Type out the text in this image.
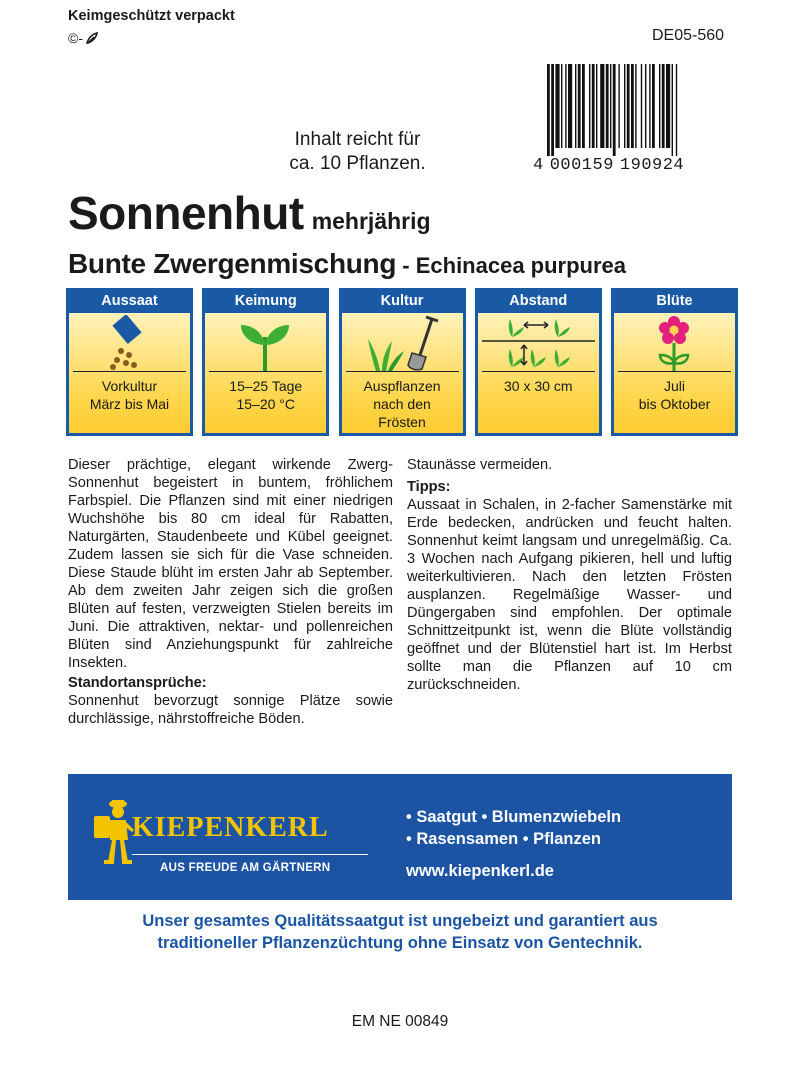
Keimgeschützt verpackt
©-	DE05-560
4 000159 190924
Inhalt reicht für
ca. 10 Pflanzen.
Sonnenhut mehrjährig
Bunte Zwergenmischung - Echinacea purpurea
Aussaat
Vorkultur
März bis Mai
Keimung
15–25 Tage
15–20 °C
Kultur
Auspflanzen
nach den
Frösten
Abstand
30 x 30 cm
Blüte
Juli
bis Oktober

Dieser prächtige, elegant wirkende Zwerg-Sonnenhut begeistert in buntem, fröhlichem Farbspiel. Die Pflanzen sind mit einer niedrigen Wuchshöhe bis 80 cm ideal für Rabatten, Naturgärten, Staudenbeete und Kübel geeignet. Zudem lassen sie sich für die Vase schneiden. Diese Staude blüht im ersten Jahr ab September. Ab dem zweiten Jahr zeigen sich die großen Blüten auf festen, verzweigten Stielen bereits im Juni. Die attraktiven, nektar- und pollenreichen Blüten sind Anziehungspunkt für zahlreiche Insekten.

Standortansprüche:

Sonnenhut bevorzugt sonnige Plätze sowie durchlässige, nährstoffreiche Böden.

Staunässe vermeiden.

Tipps:

Aussaat in Schalen, in 2-facher Samenstärke mit Erde bedecken, andrücken und feucht halten. Sonnenhut keimt langsam und unregelmäßig. Ca. 3 Wochen nach Aufgang pikieren, hell und luftig weiterkultivieren. Nach den letzten Frösten ausplanzen. Regelmäßige Wasser- und Düngergaben sind empfohlen. Der optimale Schnittzeitpunkt ist, wenn die Blüte vollständig geöffnet und der Blütenstiel hart ist. Im Herbst sollte man die Pflanzen auf 10 cm zurückschneiden.

KIEPENKERL
AUS FREUDE AM GÄRTNERN
• Saatgut • Blumenzwiebeln
• Rasensamen • Pflanzen
www.kiepenkerl.de
Unser gesamtes Qualitätssaatgut ist ungebeizt und garantiert aus
traditioneller Pflanzenzüchtung ohne Einsatz von Gentechnik.
EM NE 00849
